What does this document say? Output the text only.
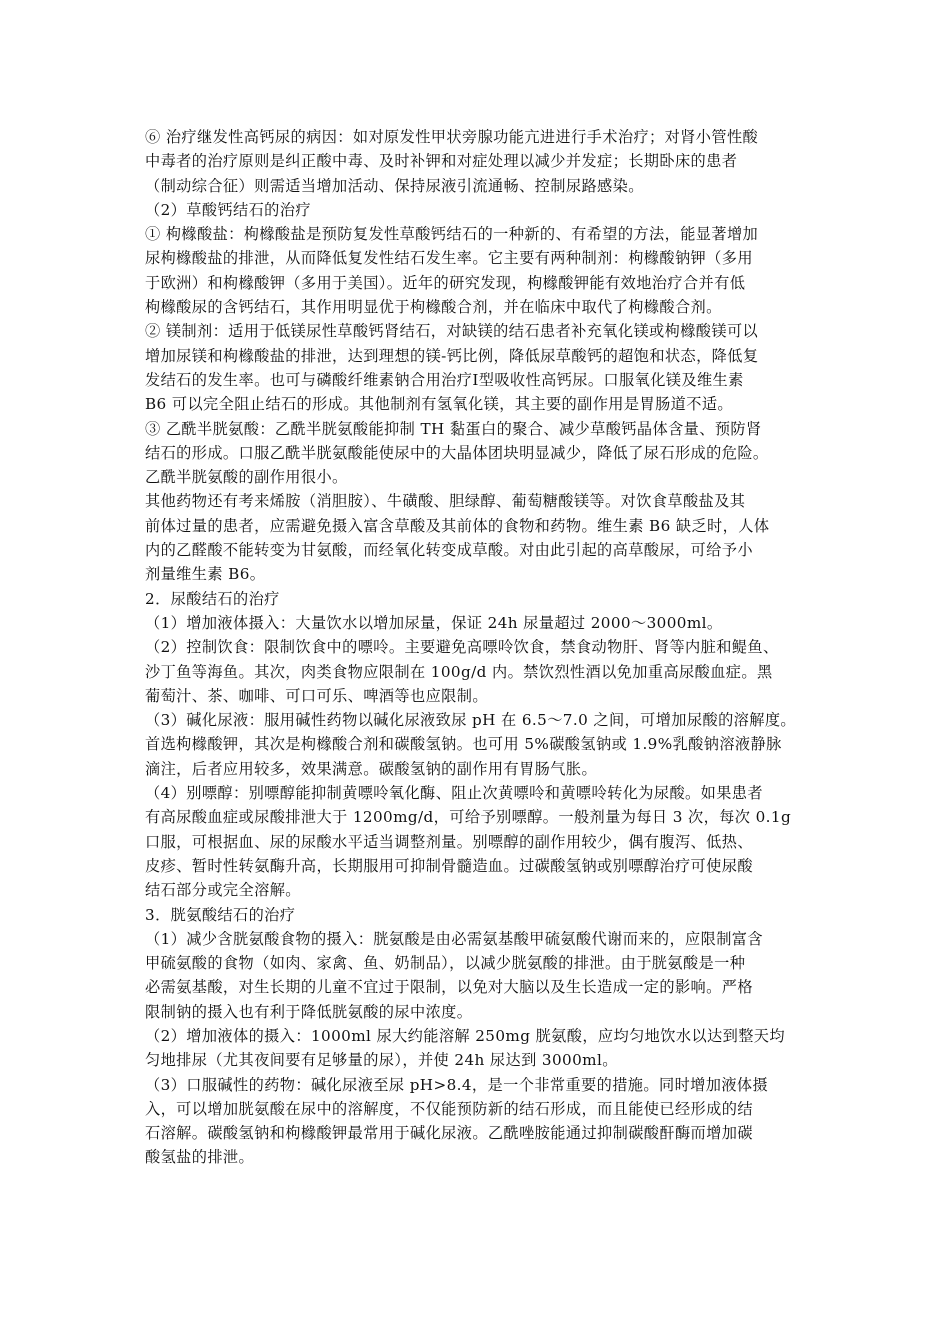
⑥ 治疗继发性高钙尿的病因：如对原发性甲状旁腺功能亢进进行手术治疗；对肾小管性酸
中毒者的治疗原则是纠正酸中毒、及时补钾和对症处理以减少并发症；长期卧床的患者
（制动综合征）则需适当增加活动、保持尿液引流通畅、控制尿路感染。
（2）草酸钙结石的治疗
① 枸橼酸盐：枸橼酸盐是预防复发性草酸钙结石的一种新的、有希望的方法，能显著增加
尿枸橼酸盐的排泄，从而降低复发性结石发生率。它主要有两种制剂：枸橼酸钠钾（多用
于欧洲）和枸橼酸钾（多用于美国）。近年的研究发现，枸橼酸钾能有效地治疗合并有低
枸橼酸尿的含钙结石，其作用明显优于枸橼酸合剂，并在临床中取代了枸橼酸合剂。
② 镁制剂：适用于低镁尿性草酸钙肾结石，对缺镁的结石患者补充氧化镁或枸橼酸镁可以
增加尿镁和枸橼酸盐的排泄，达到理想的镁-钙比例，降低尿草酸钙的超饱和状态，降低复
发结石的发生率。也可与磷酸纤维素钠合用治疗Ⅰ型吸收性高钙尿。口服氧化镁及维生素
B6 可以完全阻止结石的形成。其他制剂有氢氧化镁，其主要的副作用是胃肠道不适。
③ 乙酰半胱氨酸：乙酰半胱氨酸能抑制 TH 黏蛋白的聚合、减少草酸钙晶体含量、预防肾
结石的形成。口服乙酰半胱氨酸能使尿中的大晶体团块明显减少，降低了尿石形成的危险。
乙酰半胱氨酸的副作用很小。
其他药物还有考来烯胺（消胆胺）、牛磺酸、胆绿醇、葡萄糖酸镁等。对饮食草酸盐及其
前体过量的患者，应需避免摄入富含草酸及其前体的食物和药物。维生素 B6 缺乏时，人体
内的乙醛酸不能转变为甘氨酸，而经氧化转变成草酸。对由此引起的高草酸尿，可给予小
剂量维生素 B6。
2．尿酸结石的治疗
（1）增加液体摄入：大量饮水以增加尿量，保证 24h 尿量超过 2000～3000ml。
（2）控制饮食：限制饮食中的嘌呤。主要避免高嘌呤饮食，禁食动物肝、肾等内脏和鳀鱼、
沙丁鱼等海鱼。其次，肉类食物应限制在 100g/d 内。禁饮烈性酒以免加重高尿酸血症。黑
葡萄汁、茶、咖啡、可口可乐、啤酒等也应限制。
（3）碱化尿液：服用碱性药物以碱化尿液致尿 pH 在 6.5～7.0 之间，可增加尿酸的溶解度。
首选枸橼酸钾，其次是枸橼酸合剂和碳酸氢钠。也可用 5%碳酸氢钠或 1.9%乳酸钠溶液静脉
滴注，后者应用较多，效果满意。碳酸氢钠的副作用有胃肠气胀。
（4）别嘌醇：别嘌醇能抑制黄嘌呤氧化酶、阻止次黄嘌呤和黄嘌呤转化为尿酸。如果患者
有高尿酸血症或尿酸排泄大于 1200mg/d，可给予别嘌醇。一般剂量为每日 3 次，每次 0.1g
口服，可根据血、尿的尿酸水平适当调整剂量。别嘌醇的副作用较少，偶有腹泻、低热、
皮疹、暂时性转氨酶升高，长期服用可抑制骨髓造血。过碳酸氢钠或别嘌醇治疗可使尿酸
结石部分或完全溶解。
3．胱氨酸结石的治疗
（1）减少含胱氨酸食物的摄入：胱氨酸是由必需氨基酸甲硫氨酸代谢而来的，应限制富含
甲硫氨酸的食物（如肉、家禽、鱼、奶制品），以减少胱氨酸的排泄。由于胱氨酸是一种
必需氨基酸，对生长期的儿童不宜过于限制，以免对大脑以及生长造成一定的影响。严格
限制钠的摄入也有利于降低胱氨酸的尿中浓度。
（2）增加液体的摄入：1000ml 尿大约能溶解 250mg 胱氨酸，应均匀地饮水以达到整天均
匀地排尿（尤其夜间要有足够量的尿），并使 24h 尿达到 3000ml。
（3）口服碱性的药物：碱化尿液至尿 pH>8.4，是一个非常重要的措施。同时增加液体摄
入，可以增加胱氨酸在尿中的溶解度，不仅能预防新的结石形成，而且能使已经形成的结
石溶解。碳酸氢钠和枸橼酸钾最常用于碱化尿液。乙酰唑胺能通过抑制碳酸酐酶而增加碳
酸氢盐的排泄。
